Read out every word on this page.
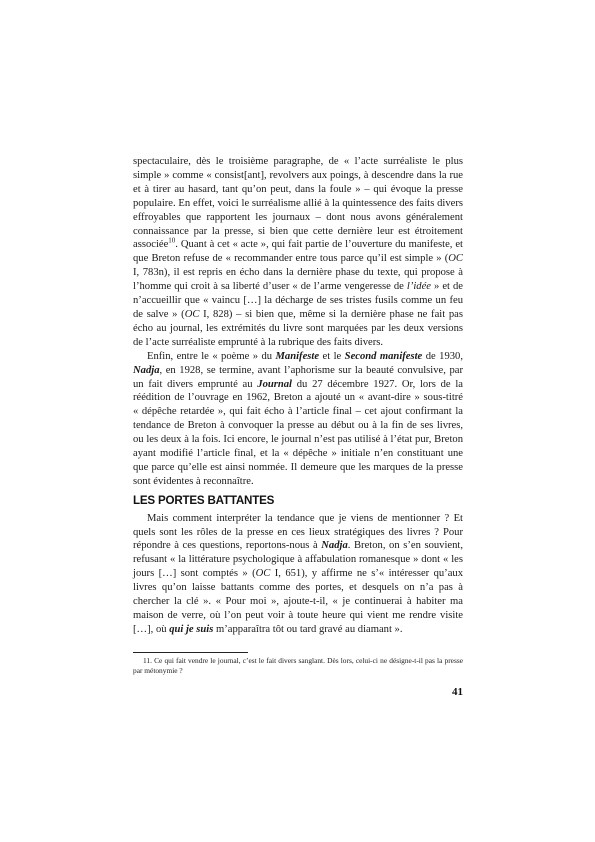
spectaculaire, dès le troisième paragraphe, de « l’acte surréaliste le plus simple » comme « consist[ant], revolvers aux poings, à descendre dans la rue et à tirer au hasard, tant qu’on peut, dans la foule » – qui évoque la presse populaire. En effet, voici le surréalisme allié à la quintessence des faits divers effroyables que rapportent les journaux – dont nous avons généralement connaissance par la presse, si bien que cette dernière leur est étroitement associée$^{10}$. Quant à cet « acte », qui fait partie de l’ouverture du manifeste, et que Breton refuse de « recommander entre tous parce qu’il est simple » (OC I, 783n), il est repris en écho dans la dernière phase du texte, qui propose à l’homme qui croit à sa liberté d’user « de l’arme vengeresse de l’idée » et de n’accueillir que « vaincu […] la décharge de ses tristes fusils comme un feu de salve » (OC I, 828) – si bien que, même si la dernière phase ne fait pas écho au journal, les extrémités du livre sont marquées par les deux versions de l’acte surréaliste emprunté à la rubrique des faits divers.

Enfin, entre le « poème » du Manifeste et le Second manifeste de 1930, Nadja, en 1928, se termine, avant l’aphorisme sur la beauté convulsive, par un fait divers emprunté au Journal du 27 décembre 1927. Or, lors de la réédition de l’ouvrage en 1962, Breton a ajouté un « avant-dire » sous-titré « dépêche retardée », qui fait écho à l’article final – cet ajout confirmant la tendance de Breton à convoquer la presse au début ou à la fin de ses livres, ou les deux à la fois. Ici encore, le journal n’est pas utilisé à l’état pur, Breton ayant modifié l’article final, et la « dépêche » initiale n’en constituant une que parce qu’elle est ainsi nommée. Il demeure que les marques de la presse sont évidentes à reconnaître.

LES PORTES BATTANTES

Mais comment interpréter la tendance que je viens de mentionner ? Et quels sont les rôles de la presse en ces lieux stratégiques des livres ? Pour répondre à ces questions, reportons-nous à Nadja. Breton, on s’en souvient, refusant « la littérature psychologique à affabulation romanesque » dont « les jours […] sont comptés » (OC I, 651), y affirme ne s’« intéresser qu’aux livres qu’on laisse battants comme des portes, et desquels on n’a pas à chercher la clé ». « Pour moi », ajoute-t-il, « je continuerai à habiter ma maison de verre, où l’on peut voir à toute heure qui vient me rendre visite […], où qui je suis m’apparaîtra tôt ou tard gravé au diamant ».

11. Ce qui fait vendre le journal, c’est le fait divers sanglant. Dès lors, celui-ci ne désigne-t-il pas la presse par métonymie ?
41
